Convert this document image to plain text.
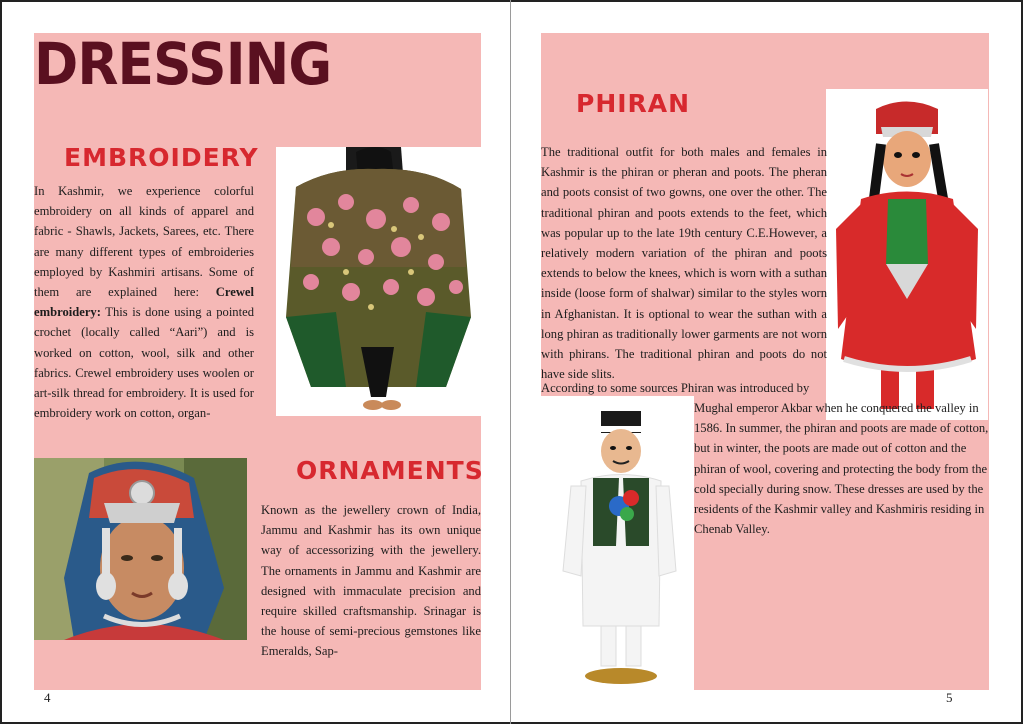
DRESSING
EMBROIDERY
In Kashmir, we experience colorful embroidery on all kinds of apparel and fabric - Shawls, Jackets, Sarees, etc. There are many different types of embroideries employed by Kashmiri artisans. Some of them are explained here: Crewel embroidery: This is done using a pointed crochet (locally called “Aari”) and is worked on cotton, wool, silk and other fabrics. Crewel embroidery uses woolen or art-silk thread for embroidery. It is used for embroidery work on cotton, organ-
ORNAMENTS
Known as the jewellery crown of India, Jammu and Kashmir has its own unique way of accessorizing with the jewellery. The ornaments in Jammu and Kashmir are designed with immaculate precision and require skilled craftsmanship. Srinagar is the house of semi-precious gemstones like Emeralds, Sap-
4
PHIRAN
The traditional outfit for both males and females in Kashmir is the phiran or pheran and poots. The pheran and poots consist of two gowns, one over the other. The traditional phiran and poots extends to the feet, which was popular up to the late 19th century C.E.However, a relatively modern variation of the phiran and poots extends to below the knees, which is worn with a suthan inside (loose form of shalwar) similar to the styles worn in Afghanistan. It is optional to wear the suthan with a long phiran as traditionally lower garments are not worn with phirans. The traditional phiran and poots do not have side slits.
According to some sources Phiran was introduced by
Mughal emperor Akbar when he conquered the valley in 1586. In summer, the phiran and poots are made of cotton, but in winter, the poots are made out of cotton and the phiran of wool, covering and protecting the body from the cold specially during snow. These dresses are used by the residents of the Kashmir valley and Kashmiris residing in Chenab Valley.
5
